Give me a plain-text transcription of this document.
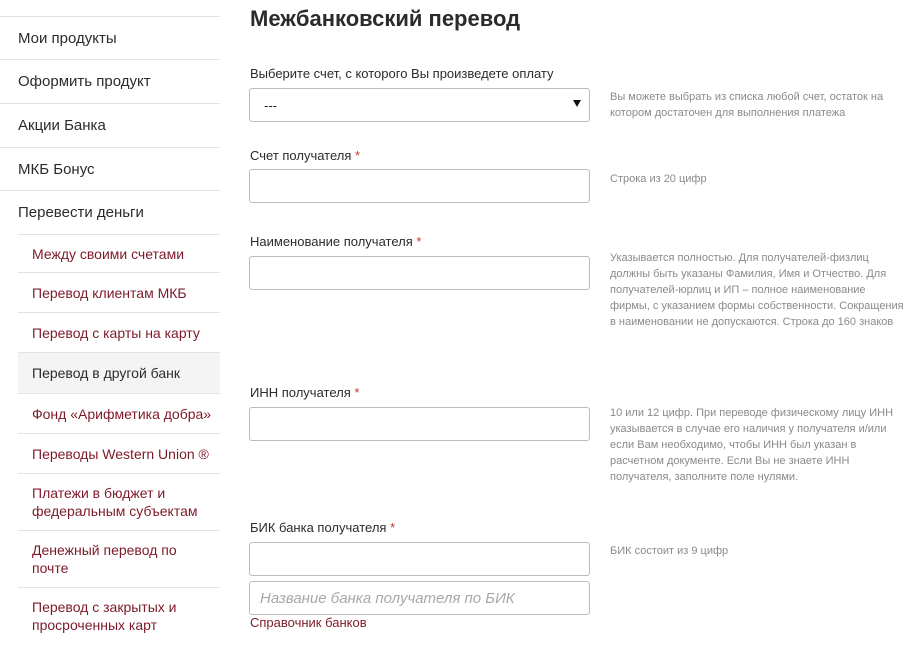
Мои продукты
Оформить продукт
Акции Банка
МКБ Бонус
Перевести деньги
Между своими счетами
Перевод клиентам МКБ
Перевод с карты на карту
Перевод в другой банк
Фонд «Арифметика добра»
Переводы Western Union ®
Платежи в бюджет и
федеральным субъектам
Денежный перевод по
почте
Перевод с закрытых и
просроченных карт
Межбанковский перевод
Выберите счет, с которого Вы произведете оплату
---
Вы можете выбрать из списка любой счет, остаток на котором достаточен для выполнения платежа
Счет получателя *
Строка из 20 цифр
Наименование получателя *
Указывается полностью. Для получателей-физлиц должны быть указаны Фамилия, Имя и Отчество. Для получателей-юрлиц и ИП – полное наименование фирмы, с указанием формы собственности. Сокращения в наименовании не допускаются. Строка до 160 знаков
ИНН получателя *
10 или 12 цифр. При переводе физическому лицу ИНН указывается в случае его наличия у получателя и/или если Вам необходимо, чтобы ИНН был указан в расчетном документе. Если Вы не знаете ИНН получателя, заполните поле нулями.
БИК банка получателя *
БИК состоит из 9 цифр
Название банка получателя по БИК
Справочник банков
